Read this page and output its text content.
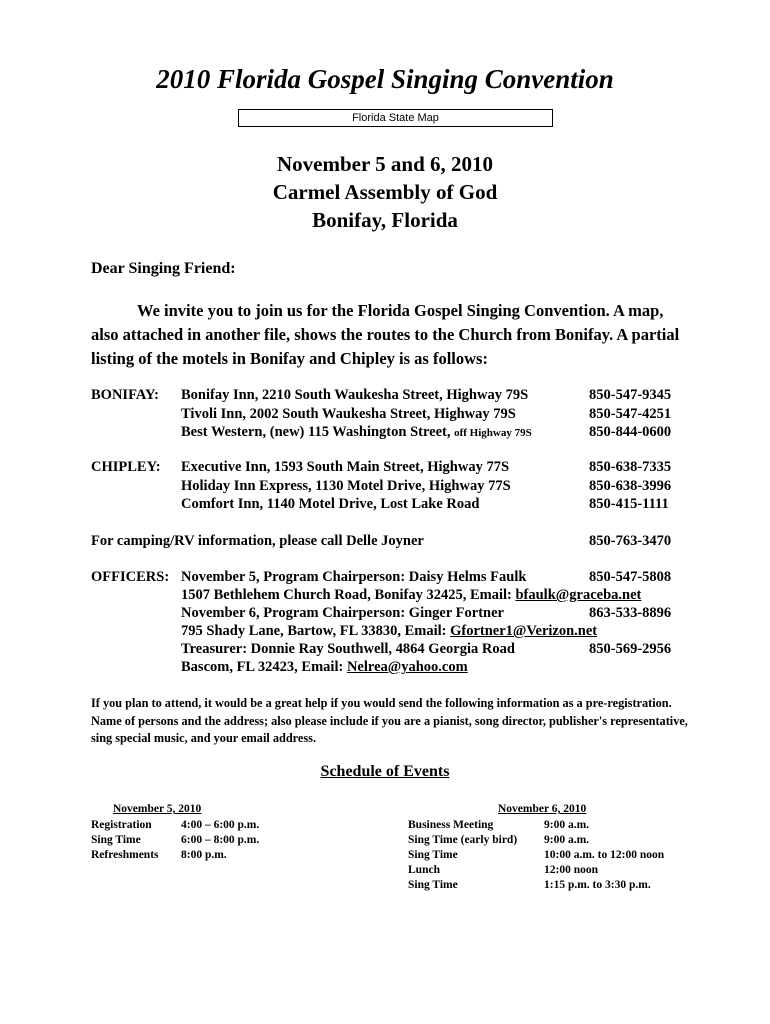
2010 Florida Gospel Singing Convention
Florida State Map
November 5 and 6, 2010
Carmel Assembly of God
Bonifay, Florida
Dear Singing Friend:
We invite you to join us for the Florida Gospel Singing Convention. A map, also attached in another file, shows the routes to the Church from Bonifay. A partial listing of the motels in Bonifay and Chipley is as follows:
BONIFAY: Bonifay Inn, 2210 South Waukesha Street, Highway 79S	850-547-9345
Tivoli Inn, 2002 South Waukesha Street, Highway 79S	850-547-4251
Best Western, (new) 115 Washington Street, off Highway 79S	850-844-0600
CHIPLEY: Executive Inn, 1593 South Main Street, Highway 77S	850-638-7335
Holiday Inn Express, 1130 Motel Drive, Highway 77S	850-638-3996
Comfort Inn, 1140 Motel Drive, Lost Lake Road	850-415-1111
For camping/RV information, please call Delle Joyner	850-763-3470
OFFICERS: November 5, Program Chairperson: Daisy Helms Faulk	850-547-5808
1507 Bethlehem Church Road, Bonifay 32425, Email: bfaulk@graceba.net
November 6, Program Chairperson: Ginger Fortner	863-533-8896
795 Shady Lane, Bartow, FL 33830, Email: Gfortner1@Verizon.net
Treasurer: Donnie Ray Southwell, 4864 Georgia Road	850-569-2956
Bascom, FL 32423, Email: Nelrea@yahoo.com
If you plan to attend, it would be a great help if you would send the following information as a pre-registration. Name of persons and the address; also please include if you are a pianist, song director, publisher's representative, sing special music, and your email address.
Schedule of Events
November 5, 2010
Registration	4:00 – 6:00 p.m.
Sing Time	6:00 – 8:00 p.m.
Refreshments 8:00 p.m.
November 6, 2010
Business Meeting	9:00 a.m.
Sing Time (early bird) 9:00 a.m.
Sing Time	10:00 a.m. to 12:00 noon
Lunch	12:00 noon
Sing Time	1:15 p.m. to 3:30 p.m.
